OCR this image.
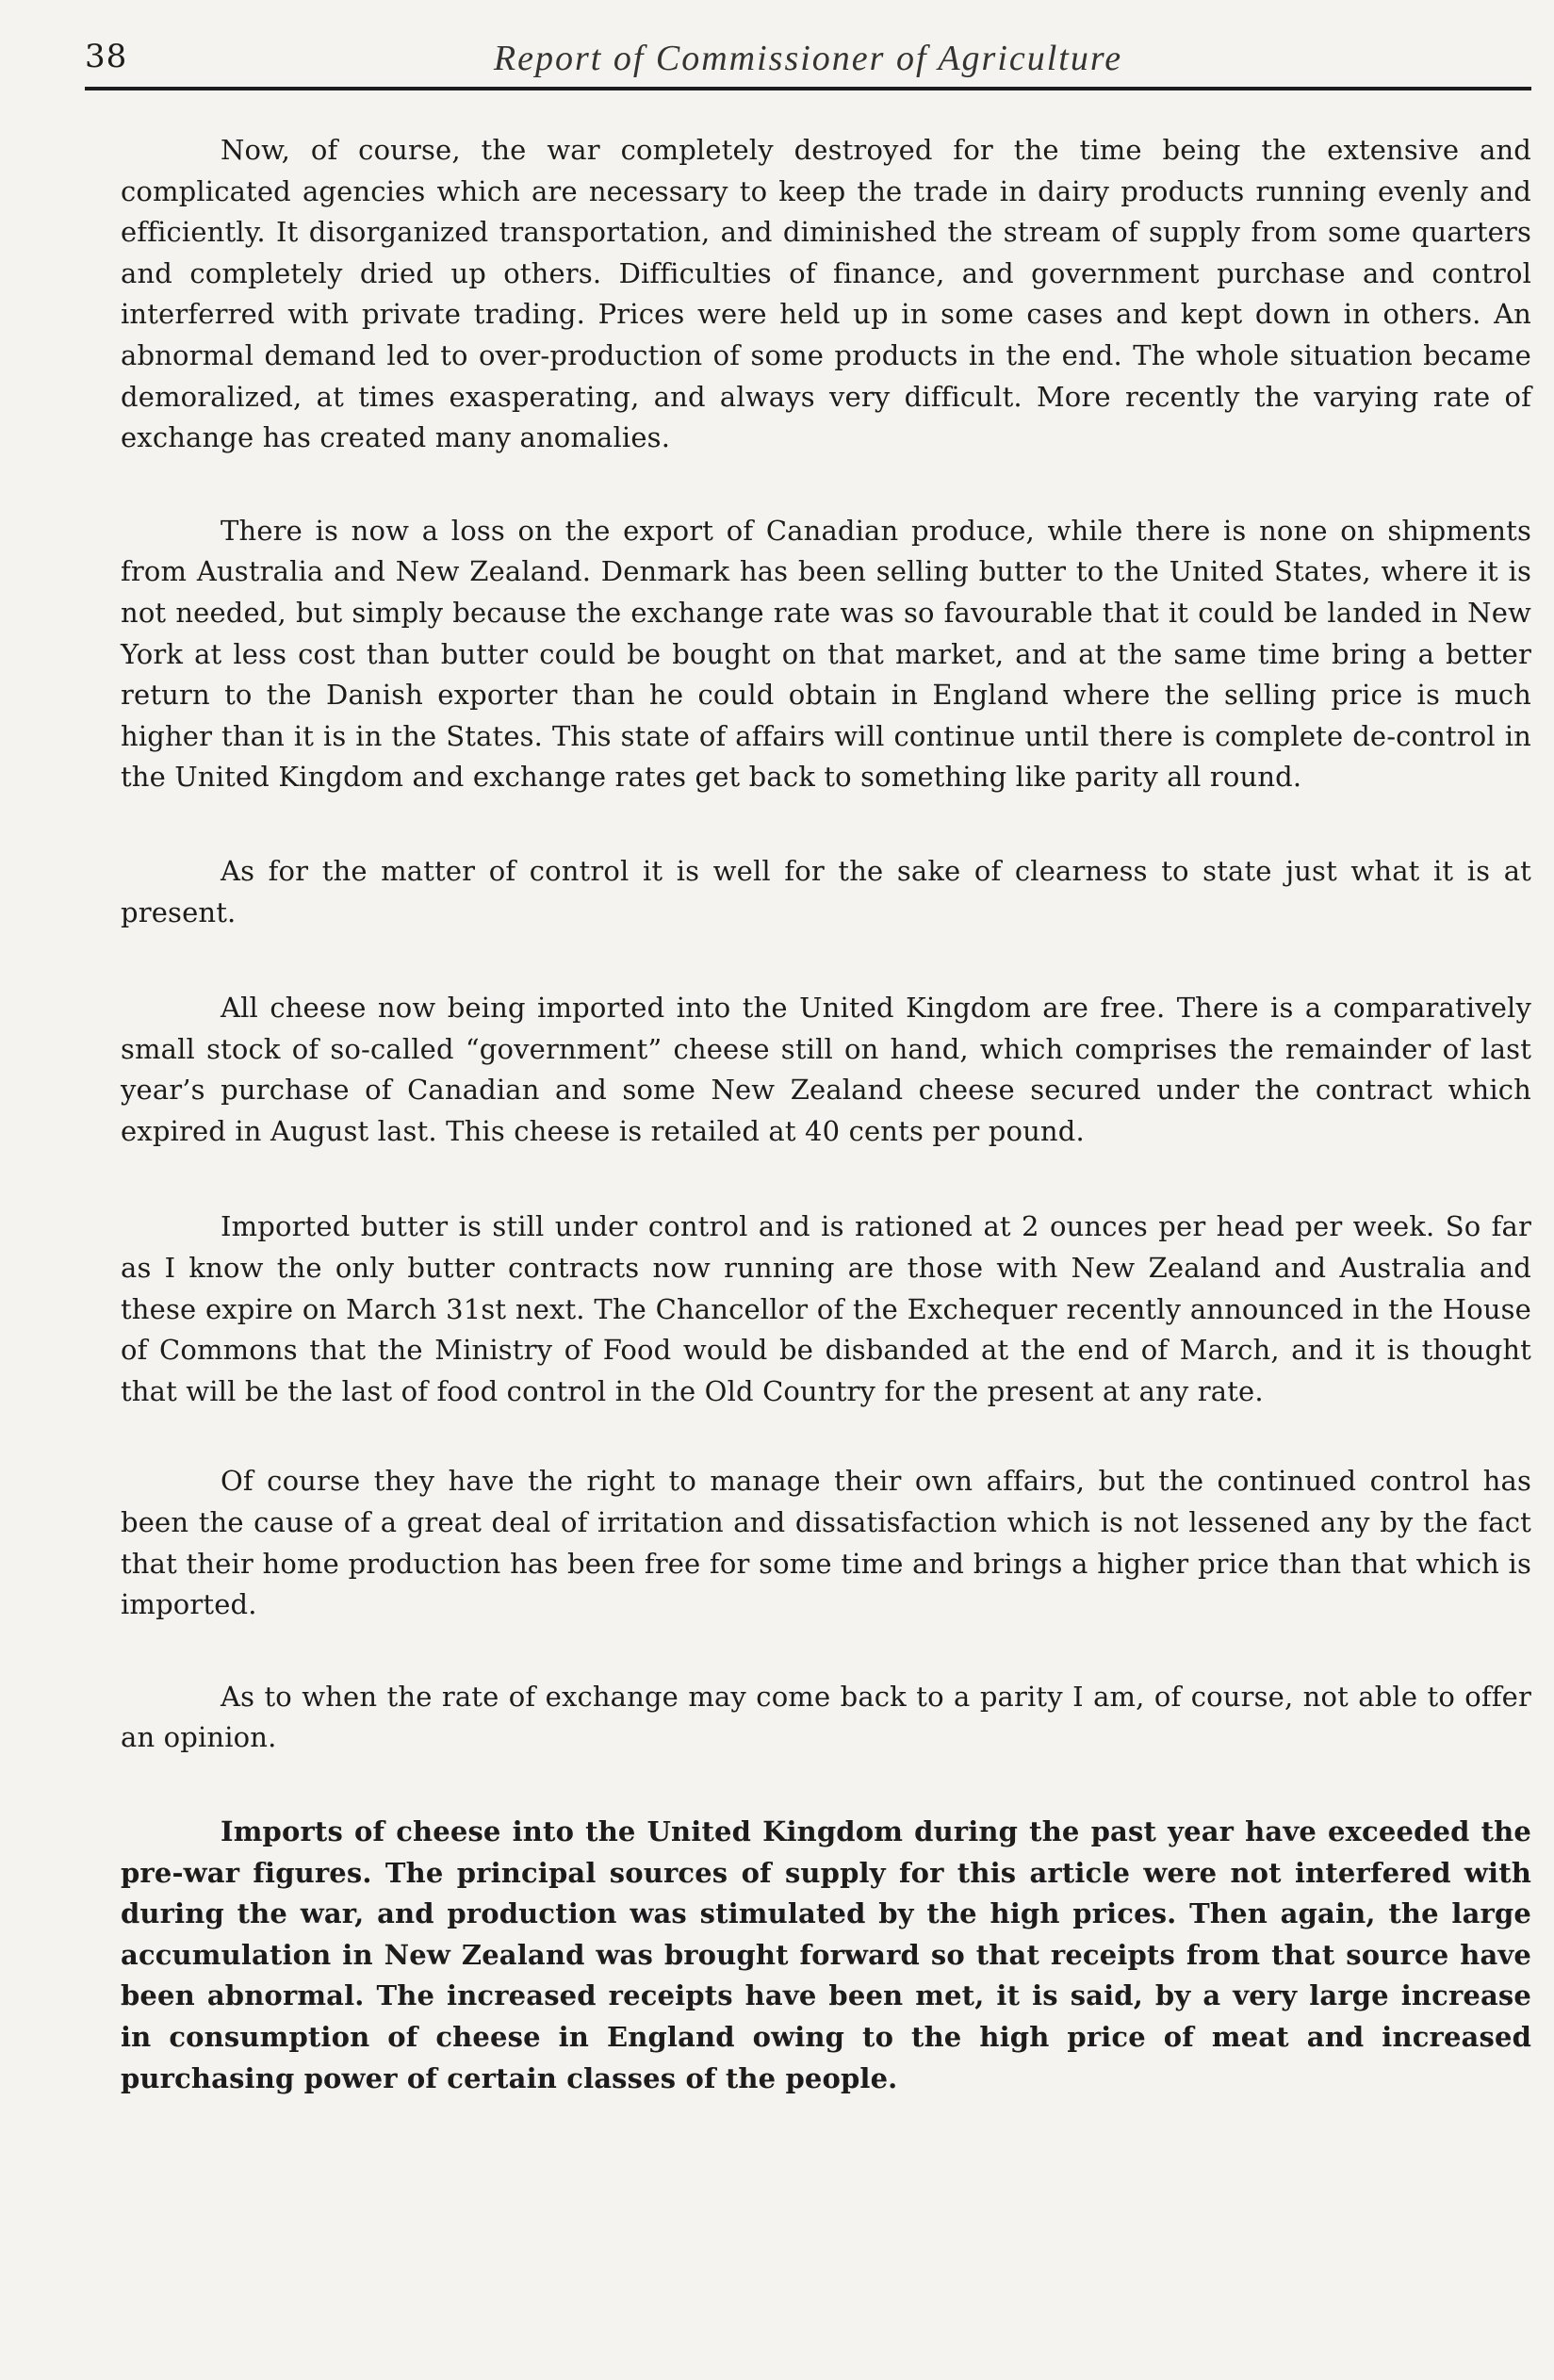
38	Report of Commissioner of Agriculture

Now, of course, the war completely destroyed for the time being the extensive and complicated agencies which are necessary to keep the trade in dairy products running evenly and efficiently. It disorganized transportation, and diminished the stream of supply from some quarters and completely dried up others. Difficulties of finance, and government purchase and control interferred with private trading. Prices were held up in some cases and kept down in others. An abnormal demand led to over-production of some products in the end. The whole situation became demoralized, at times exasperating, and always very difficult. More recently the varying rate of exchange has created many anomalies.

There is now a loss on the export of Canadian produce, while there is none on shipments from Australia and New Zealand. Denmark has been selling butter to the United States, where it is not needed, but simply because the exchange rate was so favourable that it could be landed in New York at less cost than butter could be bought on that market, and at the same time bring a better return to the Danish exporter than he could obtain in England where the selling price is much higher than it is in the States. This state of affairs will continue until there is complete de-control in the United Kingdom and exchange rates get back to something like parity all round.

As for the matter of control it is well for the sake of clearness to state just what it is at present.

All cheese now being imported into the United Kingdom are free. There is a comparatively small stock of so-called “government” cheese still on hand, which comprises the remainder of last year’s purchase of Canadian and some New Zealand cheese secured under the contract which expired in August last. This cheese is retailed at 40 cents per pound.

Imported butter is still under control and is rationed at 2 ounces per head per week. So far as I know the only butter contracts now running are those with New Zealand and Australia and these expire on March 31st next. The Chancellor of the Exchequer recently announced in the House of Commons that the Ministry of Food would be disbanded at the end of March, and it is thought that will be the last of food control in the Old Country for the present at any rate.

Of course they have the right to manage their own affairs, but the continued control has been the cause of a great deal of irritation and dissatisfaction which is not lessened any by the fact that their home production has been free for some time and brings a higher price than that which is imported.

As to when the rate of exchange may come back to a parity I am, of course, not able to offer an opinion.

Imports of cheese into the United Kingdom during the past year have exceeded the pre-war figures. The principal sources of supply for this article were not interfered with during the war, and production was stimulated by the high prices. Then again, the large accumulation in New Zealand was brought forward so that receipts from that source have been abnormal. The increased receipts have been met, it is said, by a very large increase in consumption of cheese in England owing to the high price of meat and increased purchasing power of certain classes of the people.
